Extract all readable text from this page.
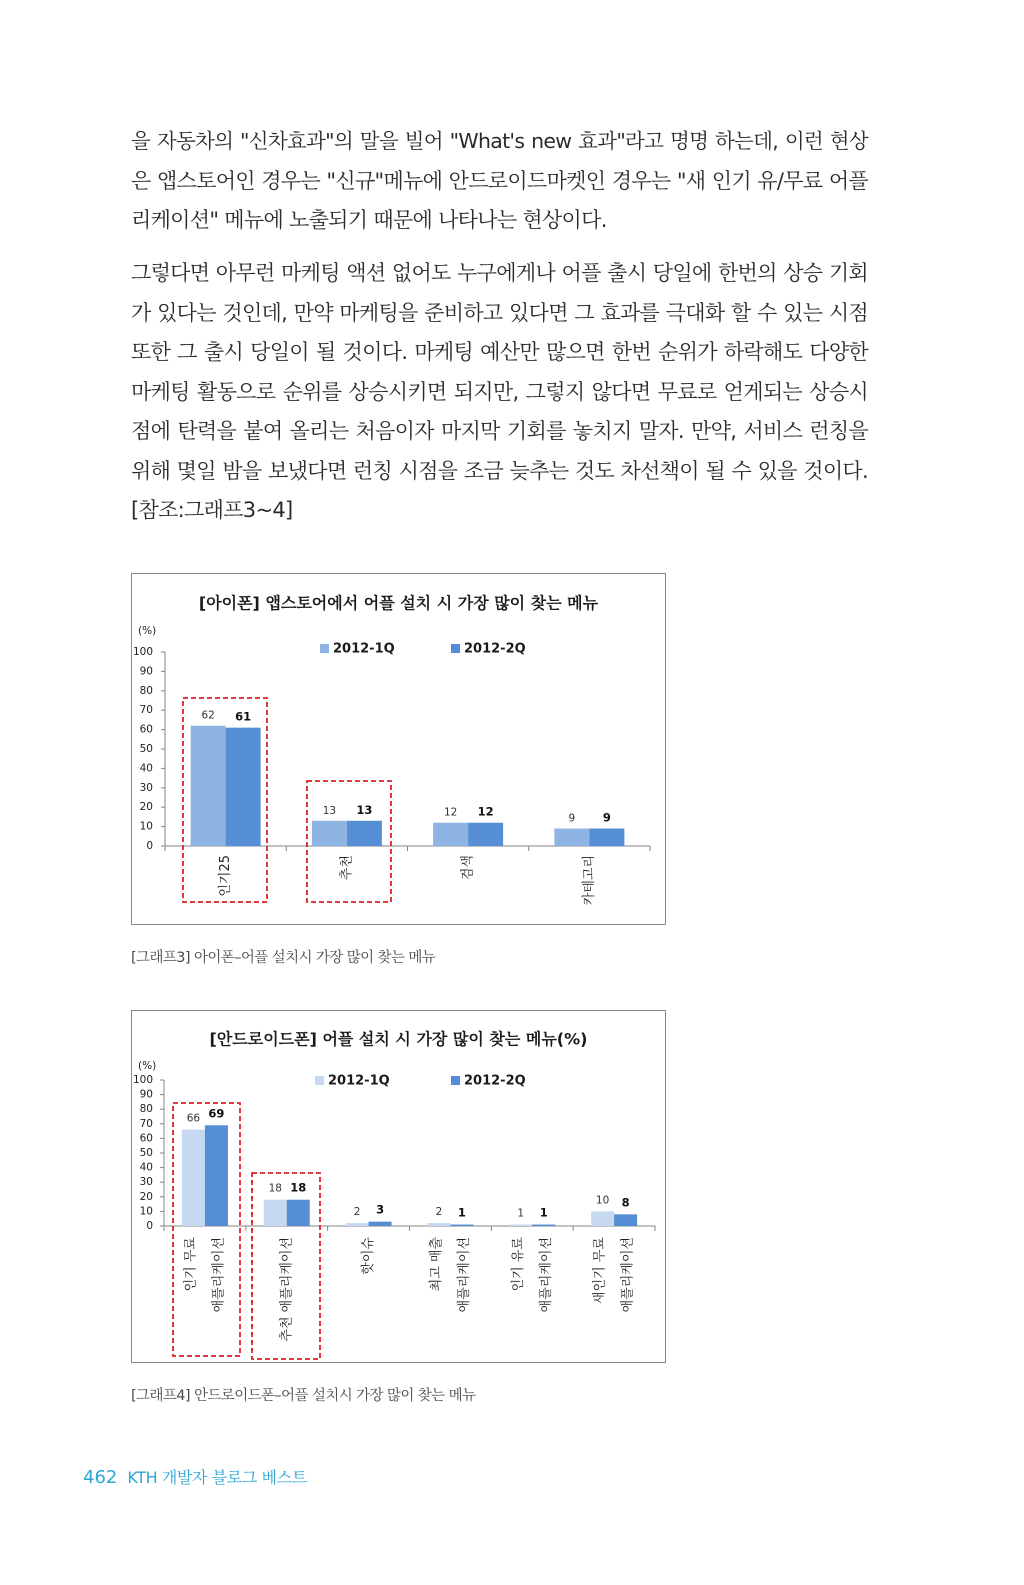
을 자동차의 "신차효과"의 말을 빌어 "What's new 효과"라고 명명 하는데, 이런 현상
은 앱스토어인 경우는 "신규"메뉴에 안드로이드마켓인 경우는 "새 인기 유/무료 어플
리케이션" 메뉴에 노출되기 때문에 나타나는 현상이다.
그렇다면 아무런 마케팅 액션 없어도 누구에게나 어플 출시 당일에 한번의 상승 기회
가 있다는 것인데, 만약 마케팅을 준비하고 있다면 그 효과를 극대화 할 수 있는 시점
또한 그 출시 당일이 될 것이다. 마케팅 예산만 많으면 한번 순위가 하락해도 다양한
마케팅 활동으로 순위를 상승시키면 되지만, 그렇지 않다면 무료로 얻게되는 상승시
점에 탄력을 붙여 올리는 처음이자 마지막 기회를 놓치지 말자. 만약, 서비스 런칭을
위해 몇일 밤을 보냈다면 런칭 시점을 조금 늦추는 것도 차선책이 될 수 있을 것이다.
[참조:그래프3~4]
[아이폰] 앱스토어에서 어플 설치 시 가장 많이 찾는 메뉴
(%)
0
10
20
30
40
50
60
70
80
90
100
62 61
인기25
13 13
추천
12 12
검색
9 9
카테고리
2012-1Q	2012-2Q
[그래프3] 아이폰–어플 설치시 가장 많이 찾는 메뉴
[안드로이드폰] 어플 설치 시 가장 많이 찾는 메뉴(%)
(%)
0
10
20
30
40
50
60
70
80
90
100
66 69
인기 무료 애플리케이션
18 18
추천 애플리케이션
2 3
핫이슈
2 1
최고 매출 애플리케이션
1 1
인기 유료 애플리케이션
10 8
새인기 무료 애플리케이션
2012-1Q	2012-2Q
[그래프4] 안드로이드폰–어플 설치시 가장 많이 찾는 메뉴
462 KTH 개발자 블로그 베스트
